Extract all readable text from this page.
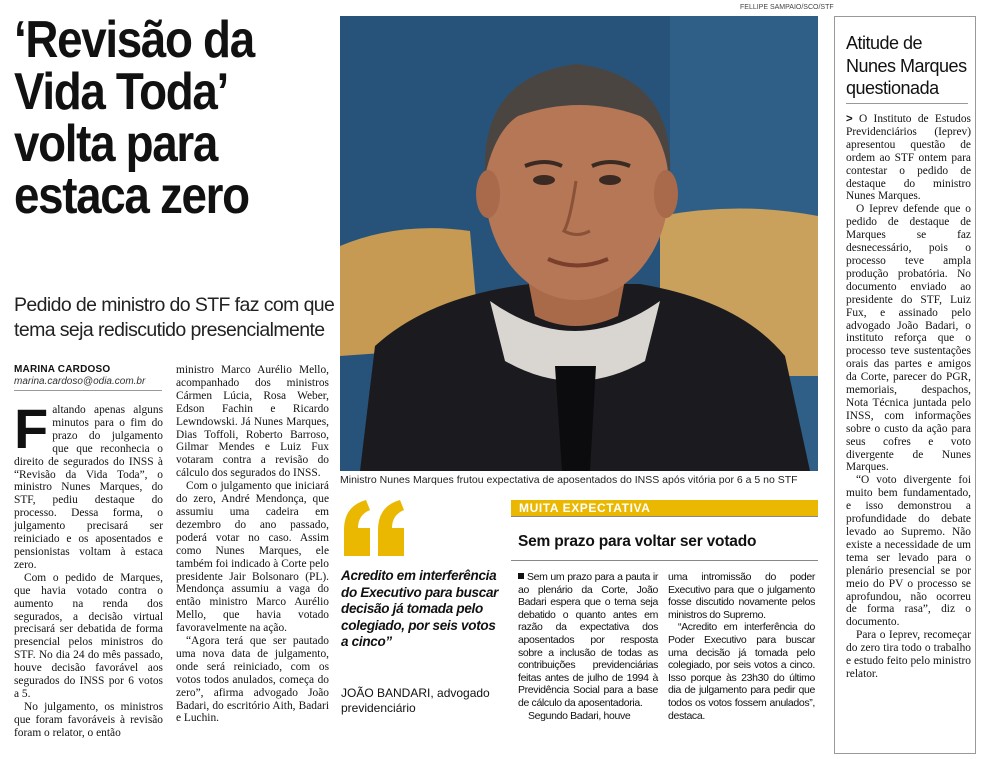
‘Revisão da
Vida Toda’
volta para
estaca zero
Pedido de ministro do STF faz com que
tema seja rediscutido presencialmente
MARINA CARDOSO
marina.cardoso@odia.com.br

Faltando apenas alguns minutos para o fim do prazo do julgamento que que reconhecia o direito de segurados do INSS à “Revisão da Vida Toda”, o ministro Nunes Marques, do STF, pediu destaque do processo. Dessa forma, o julgamento precisará ser reiniciado e os aposentados e pensionistas voltam à estaca zero.

Com o pedido de Marques, que havia votado contra o aumento na renda dos segurados, a decisão virtual precisará ser debatida de forma presencial pelos ministros do STF. No dia 24 do mês passado, houve decisão favorável aos segurados do INSS por 6 votos a 5.

No julgamento, os ministros que foram favoráveis à revisão foram o relator, o então

ministro Marco Aurélio Mello, acompanhado dos ministros Cármen Lúcia, Rosa Weber, Edson Fachin e Ricardo Lewndowski. Já Nunes Marques, Dias Toffoli, Roberto Barroso, Gilmar Mendes e Luiz Fux votaram contra a revisão do cálculo dos segurados do INSS.

Com o julgamento que iniciará do zero, André Mendonça, que assumiu uma cadeira em dezembro do ano passado, poderá votar no caso. Assim como Nunes Marques, ele também foi indicado à Corte pelo presidente Jair Bolsonaro (PL). Mendonça assumiu a vaga do então ministro Marco Aurélio Mello, que havia votado favoravelmente na ação.

“Agora terá que ser pautado uma nova data de julgamento, onde será reiniciado, com os votos todos anulados, começa do zero”, afirma advogado João Badari, do escritório Aith, Badari e Luchin.

FELLIPE SAMPAIO/SCO/STF
Ministro Nunes Marques frutou expectativa de aposentados do INSS após vitória por 6 a 5 no STF
Acredito em interferência do Executivo para buscar decisão já tomada pelo colegiado, por seis votos a cinco”
JOÃO BANDARI, advogado previdenciário
MUITA EXPECTATIVA
Sem prazo para voltar ser votado

Sem um prazo para a pauta ir ao plenário da Corte, João Badari espera que o tema seja debatido o quanto antes em razão da expectativa dos aposentados por resposta sobre a inclusão de todas as contribuições previdenciárias feitas antes de julho de 1994 à Previdência Social para a base de cálculo da aposentadoria.

Segundo Badari, houve

uma intromissão do poder Executivo para que o julgamento fosse discutido novamente pelos ministros do Supremo.

“Acredito em interferência do Poder Executivo para buscar uma decisão já tomada pelo colegiado, por seis votos a cinco. Isso porque às 23h30 do último dia de julgamento para pedir que todos os votos fossem anulados”, destaca.

Atitude de
Nunes Marques
questionada

> O Instituto de Estudos Previdenciários (Ieprev) apresentou questão de ordem ao STF ontem para contestar o pedido de destaque do ministro Nunes Marques.

O Ieprev defende que o pedido de destaque de Marques se faz desnecessário, pois o processo teve ampla produção probatória. No documento enviado ao presidente do STF, Luiz Fux, e assinado pelo advogado João Badari, o instituto reforça que o processo teve sustentações orais das partes e amigos da Corte, parecer do PGR, memoriais, despachos, Nota Técnica juntada pelo INSS, com informações sobre o custo da ação para seus cofres e voto divergente de Nunes Marques.

“O voto divergente foi muito bem fundamentado, e isso demonstrou a profundidade do debate levado ao Supremo. Não existe a necessidade de um tema ser levado para o plenário presencial se por meio do PV o processo se aprofundou, não ocorreu de forma rasa”, diz o documento.

Para o Ieprev, recomeçar do zero tira todo o trabalho e estudo feito pelo ministro relator.
